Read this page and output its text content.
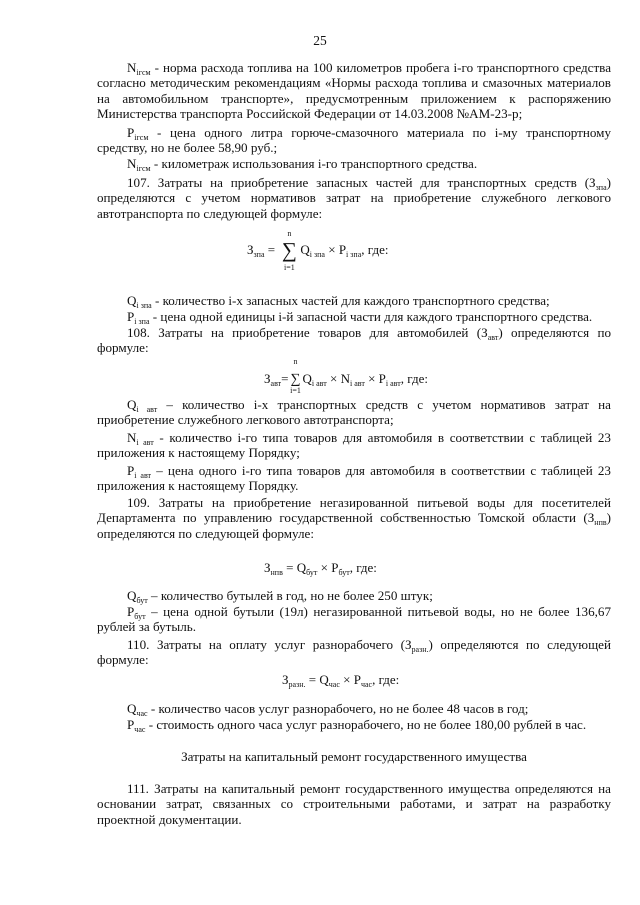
25
$N_{iгсм}$ - норма расхода топлива на 100 километров пробега i-го транспортного средства согласно методическим рекомендациям «Нормы расхода топлива и смазочных материалов на автомобильном транспорте», предусмотренным приложением к распоряжению Министерства транспорта Российской Федерации от 14.03.2008 №АМ-23-р;
$P_{iгсм}$ - цена одного литра горюче-смазочного материала по i-му транспортному средству, но не более 58,90 руб.;
$N_{iгсм}$ - километраж использования i-го транспортного средства.
107. Затраты на приобретение запасных частей для транспортных средств $(З_{зпа})$ определяются с учетом нормативов затрат на приобретение служебного легкового автотранспорта по следующей формуле:
$З_{зпа}$ =
n
∑
i=1
$Q_{i зпа} \times P_{i зпа}$, где:
$Q_{i зпа}$ - количество i-х запасных частей для каждого транспортного средства;
$P_{i зпа}$ - цена одной единицы i-й запасной части для каждого транспортного средства.
108. Затраты на приобретение товаров для автомобилей $(З_{авт})$ определяются по формуле:
$З_{авт}=$
n
∑
i=1
$Q_{i авт} \times N_{i авт} \times P_{i авт}$, где:
$Q_{i авт}$ – количество i-х транспортных средств с учетом нормативов затрат на приобретение служебного легкового автотранспорта;
$N_{i авт}$ - количество i-го типа товаров для автомобиля в соответствии с таблицей 23 приложения к настоящему Порядку;
$P_{i авт}$ – цена одного i-го типа товаров для автомобиля в соответствии с таблицей 23 приложения к настоящему Порядку.
109. Затраты на приобретение негазированной питьевой воды для посетителей Департамента по управлению государственной собственностью Томской области $(З_{нпв})$ определяются по следующей формуле:
$З_{нпв} = Q_{бут} \times P_{бут}$, где:
$Q_{бут}$ – количество бутылей в год, но не более 250 штук;
$P_{бут}$ – цена одной бутыли (19л) негазированной питьевой воды, но не более 136,67 рублей за бутыль.
110. Затраты на оплату услуг разнорабочего $(З_{разн.})$ определяются по следующей формуле:
$З_{разн.} = Q_{час} \times P_{час}$, где:
$Q_{час}$ - количество часов услуг разнорабочего, но не более 48 часов в год;
$P_{час}$ - стоимость одного часа услуг разнорабочего, но не более 180,00 рублей в час.
Затраты на капитальный ремонт государственного имущества
111. Затраты на капитальный ремонт государственного имущества определяются на основании затрат, связанных со строительными работами, и затрат на разработку проектной документации.
